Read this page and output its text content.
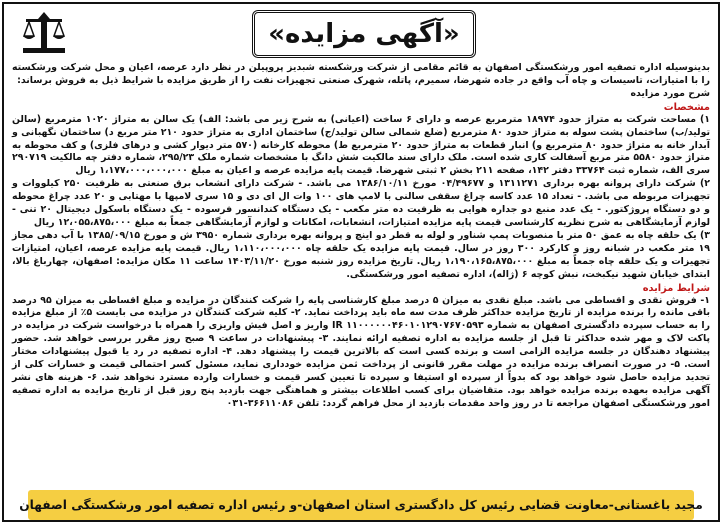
«آگهی مزایده»

بدینوسیله اداره تصفیه امور ورشکستگی اصفهان به قائم مقامی از شرکت ورشکسته شبدیز پروپیلن در نظر دارد عرصه، اعیان و محل شرکت ورشکسته را با امتیازات، تاسیسات و چاه آب واقع در جاده شهرضا، سمیرم، پاتله، شهرک صنعتی تجهیزات نفت را از طریق مزایده با شرایط ذیل به فروش برساند:

شرح مورد مزایده

مشخصات

۱) مساحت شرکت به متراژ حدود ۱۸۹۷۴ مترمربع عرصه و دارای ۶ ساخت (اعیانی) به شرح زیر می باشد: الف) یک سالن به متراژ ۱۰۲۰ مترمربع (سالن تولید/ب) ساختمان پشت سوله به متراژ حدود ۸۰ مترمربع (ضلع شمالی سالن تولید/ج) ساختمان اداری به متراژ حدود ۲۱۰ متر مربع د) ساختمان نگهبانی و آبدار خانه به متراژ حدود ۸۰ مترمربع و) انبار قطعات به متراژ حدود ۲۰ مترمربع ط) محوطه کارخانه (۵۷۰ متر دیوار کشی و درهای فلزی) و کف محوطه به متراژ حدود ۵۵۸۰ متر مربع آسفالت کاری شده است. ملک دارای سند مالکیت شش دانگ با مشخصات شماره ملک ۲۹۵/۲۳، شماره دفتر چه مالکیت ۲۹۰۷۱۹ سری الف، شماره ثبت ۳۳۷۶۴ دفتر ۱۴۲، صفحه ۲۱۱ بخش ۲ ثبتی شهرضا. قیمت پایه مزایده عرصه و اعیان به مبلغ ۱،۱۷۷،۰۰۰،۰۰۰،۰۰۰ ریال

۲) شرکت دارای پروانه بهره برداری ۱۳۱۱۲۷۱ و ۰۴/۴۹۶۷۷ مورخ ۱۳۸۶/۱۰/۱۱ می باشد. - شرکت دارای انشعاب برق صنعتی به ظرفیت ۲۵۰ کیلووات و تجهیزات مربوطه می باشد. - تعداد ۱۵ عدد کاسه چراغ سقفی سالنی با لامپ های ۱۰۰ وات ال ای دی و ۱۵ سری لامپها با مهتابی و ۲۰ عدد چراغ محوطه و دو دستگاه پروژکتور. - یک عدد منبع دو جداره هوایی به ظرفیت ده متر مکعب - یک دستگاه کندانسور فرسوده - یک دستگاه باسکول دیجیتال ۲۰ تنی - لوازم آزمایشگاهی به شرح نظریه کارشناسی قیمت پایه مزایده امتیازات، انشعابات، امکانات و لوازم آزمایشگاهی جمعاً به مبلغ ۱۲،۰۵۵،۸۷۵،۰۰۰ ریال

۳) یک حلقه چاه به عمق ۵۰ متر با منصوبات پمپ شناور و لوله به قطر دو اینچ و پروانه بهره برداری شماره ۳۹۵۰ ش و مورخ ۱۳۸۵/۰۹/۱۵ با آب دهی مجاز ۱۹ متر مکعب در شبانه روز و کارکرد ۳۰۰ روز در سال. قیمت پایه مزایده یک حلقه چاه ۱،۱۱۰،۰۰۰،۰۰۰ ریال. قیمت پایه مزایده عرصه، اعیان، امتیازات تجهیزات و یک حلقه چاه جمعاً به مبلغ ۱،۱۹۰،۱۶۵،۸۷۵،۰۰۰ ریال. تاریخ مزایده روز شنبه مورخ ۱۴۰۳/۱۱/۲۰ ساعت ۱۱ مکان مزایده: اصفهان، چهارباغ بالا، ابتدای خیابان شهید نیکبخت، نبش کوچه ۶ (ژاله)، اداره تصفیه امور ورشکستگی.

شرایط مزایده

۱- فروش نقدی و اقساطی می باشد. مبلغ نقدی به میزان ۵ درصد مبلغ کارشناسی پایه را شرکت کنندگان در مزایده و مبلغ اقساطی به میزان ۹۵ درصد باقی مانده را برنده مزایده از تاریخ مزایده حداکثر ظرف مدت سه ماه باید پرداخت نماید. ۲- کلیه شرکت کنندگان در مزایده می بایست ۵٪ از مبلغ مزایده را به حساب سپرده دادگستری اصفهان به شماره ۱۱۰۰۰۰۰۰۴۶۰۱۰۱۲۹۰۷۶۷۰۵۹۳ IR واریز و اصل فیش واریزی را همراه با درخواست شرکت در مزایده در پاکت لاک و مهر شده حداکثر تا قبل از جلسه مزایده به اداره تصفیه ارائه نمایند. ۳- پیشنهادات در ساعت ۹ صبح روز مقرر بررسی خواهد شد. حضور پیشنهاد دهندگان در جلسه مزایده الزامی است و برنده کسی است که بالاترین قیمت را پیشنهاد دهد. ۴- اداره تصفیه در رد یا قبول پیشنهادات مختار است. ۵- در صورت انصراف برنده مزایده در مهلت مقرر قانونی از پرداخت ثمن مزایده خودداری نماید، مسئول کسر احتمالی قیمت و خسارات کلی از تجدید مزایده حاصل شود خواهد بود که بدواً از سپرده او استیفا و سپرده تا تعیین کسر قیمت و خسارات وارده مسترد نخواهد شد. ۶- هزینه های نشر آگهی مزایده بعهده برنده مزایده خواهد بود. متقاضیان برای کسب اطلاعات بیشتر و هماهنگی جهت بازدید پنج روز قبل از تاریخ مزایده به اداره تصفیه امور ورشکستگی اصفهان مراجعه تا در روز واحد مقدمات بازدید از محل فراهم گردد: تلفن ۳۶۶۱۱۰۸۶-۰۳۱

مجید باغستانی-معاونت قضایی رئیس کل دادگستری استان اصفهان-و رئیس اداره تصفیه امور ورشکستگی اصفهان
